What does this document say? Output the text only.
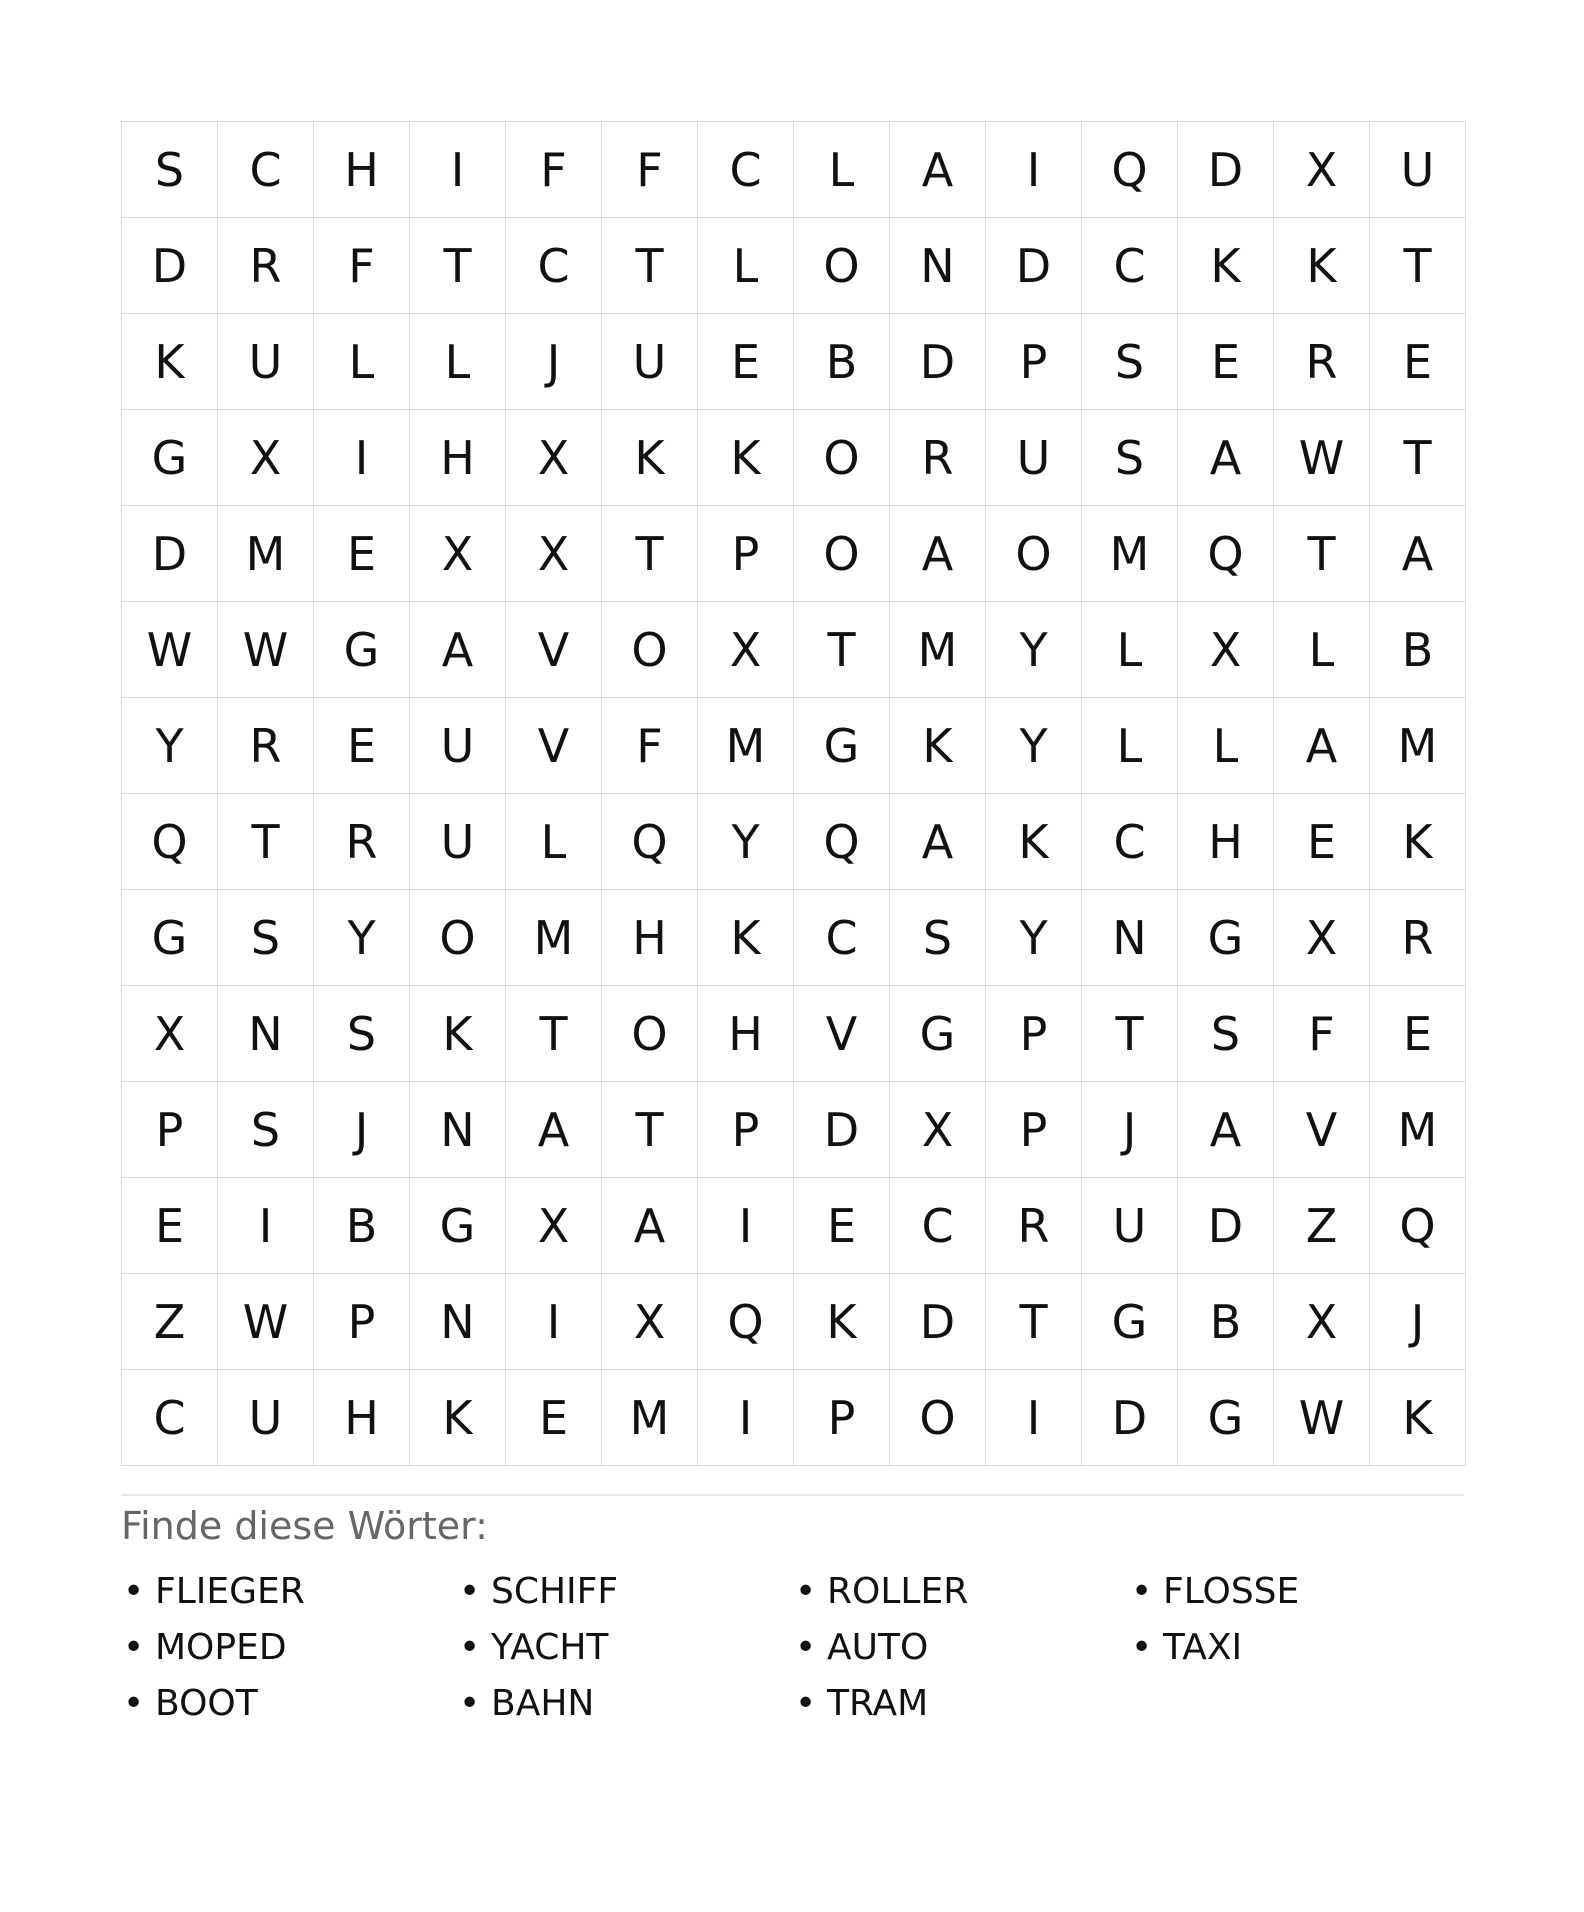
S	C	H	I	F	F	C	L	A	I	Q	D	X	U
D	R	F	T	C	T	L	O	N	D	C	K	K	T
K	U	L	L	J	U	E	B	D	P	S	E	R	E
G	X	I	H	X	K	K	O	R	U	S	A	W	T
D	M	E	X	X	T	P	O	A	O	M	Q	T	A
W	W	G	A	V	O	X	T	M	Y	L	X	L	B
Y	R	E	U	V	F	M	G	K	Y	L	L	A	M
Q	T	R	U	L	Q	Y	Q	A	K	C	H	E	K
G	S	Y	O	M	H	K	C	S	Y	N	G	X	R
X	N	S	K	T	O	H	V	G	P	T	S	F	E
P	S	J	N	A	T	P	D	X	P	J	A	V	M
E	I	B	G	X	A	I	E	C	R	U	D	Z	Q
Z	W	P	N	I	X	Q	K	D	T	G	B	X	J
C	U	H	K	E	M	I	P	O	I	D	G	W	K
Finde diese Wörter:
• FLIEGER	• SCHIFF	• ROLLER	• FLOSSE
• MOPED	• YACHT	• AUTO	• TAXI
• BOOT	• BAHN	• TRAM
